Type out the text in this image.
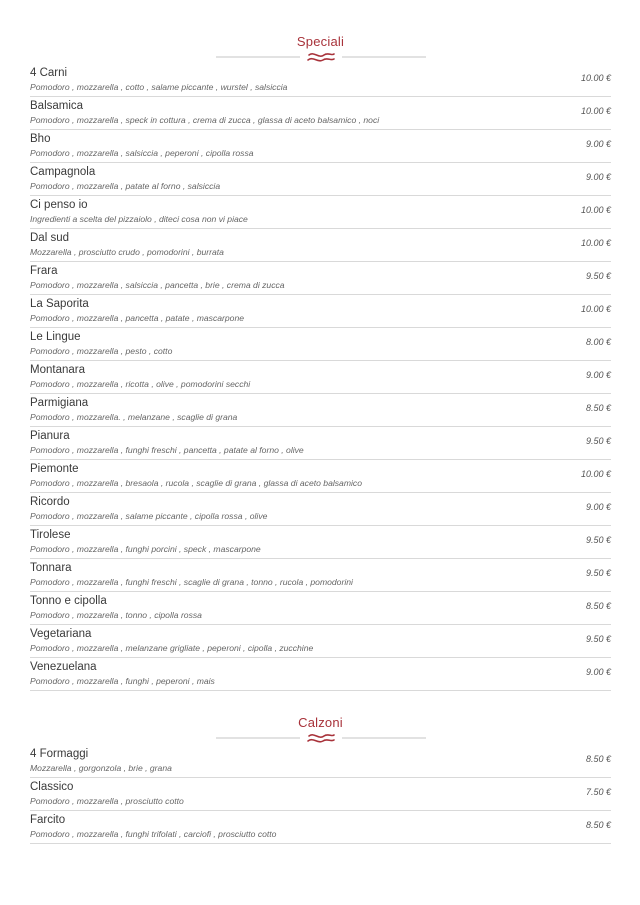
Speciali
4 Carni
Pomodoro , mozzarella , cotto , salame piccante , wurstel , salsiccia
10.00 €
Balsamica
Pomodoro , mozzarella , speck in cottura , crema di zucca , glassa di aceto balsamico , noci
10.00 €
Bho
Pomodoro , mozzarella , salsiccia , peperoni , cipolla rossa
9.00 €
Campagnola
Pomodoro , mozzarella , patate al forno , salsiccia
9.00 €
Ci penso io
Ingredienti a scelta del pizzaiolo , diteci cosa non vi piace
10.00 €
Dal sud
Mozzarella , prosciutto crudo , pomodorini , burrata
10.00 €
Frara
Pomodoro , mozzarella , salsiccia , pancetta , brie , crema di zucca
9.50 €
La Saporita
Pomodoro , mozzarella , pancetta , patate , mascarpone
10.00 €
Le Lingue
Pomodoro , mozzarella , pesto , cotto
8.00 €
Montanara
Pomodoro , mozzarella , ricotta , olive , pomodorini secchi
9.00 €
Parmigiana
Pomodoro , mozzarella. , melanzane , scaglie di grana
8.50 €
Pianura
Pomodoro , mozzarella , funghi freschi , pancetta , patate al forno , olive
9.50 €
Piemonte
Pomodoro , mozzarella , bresaola , rucola , scaglie di grana , glassa di aceto balsamico
10.00 €
Ricordo
Pomodoro , mozzarella , salame piccante , cipolla rossa , olive
9.00 €
Tirolese
Pomodoro , mozzarella , funghi porcini , speck , mascarpone
9.50 €
Tonnara
Pomodoro , mozzarella , funghi freschi , scaglie di grana , tonno , rucola , pomodorini
9.50 €
Tonno e cipolla
Pomodoro , mozzarella , tonno , cipolla rossa
8.50 €
Vegetariana
Pomodoro , mozzarella , melanzane grigliate , peperoni , cipolla , zucchine
9.50 €
Venezuelana
Pomodoro , mozzarella , funghi , peperoni , mais
9.00 €
Calzoni
4 Formaggi
Mozzarella , gorgonzola , brie , grana
8.50 €
Classico
Pomodoro , mozzarella , prosciutto cotto
7.50 €
Farcito
Pomodoro , mozzarella , funghi trifolati , carciofi , prosciutto cotto
8.50 €
